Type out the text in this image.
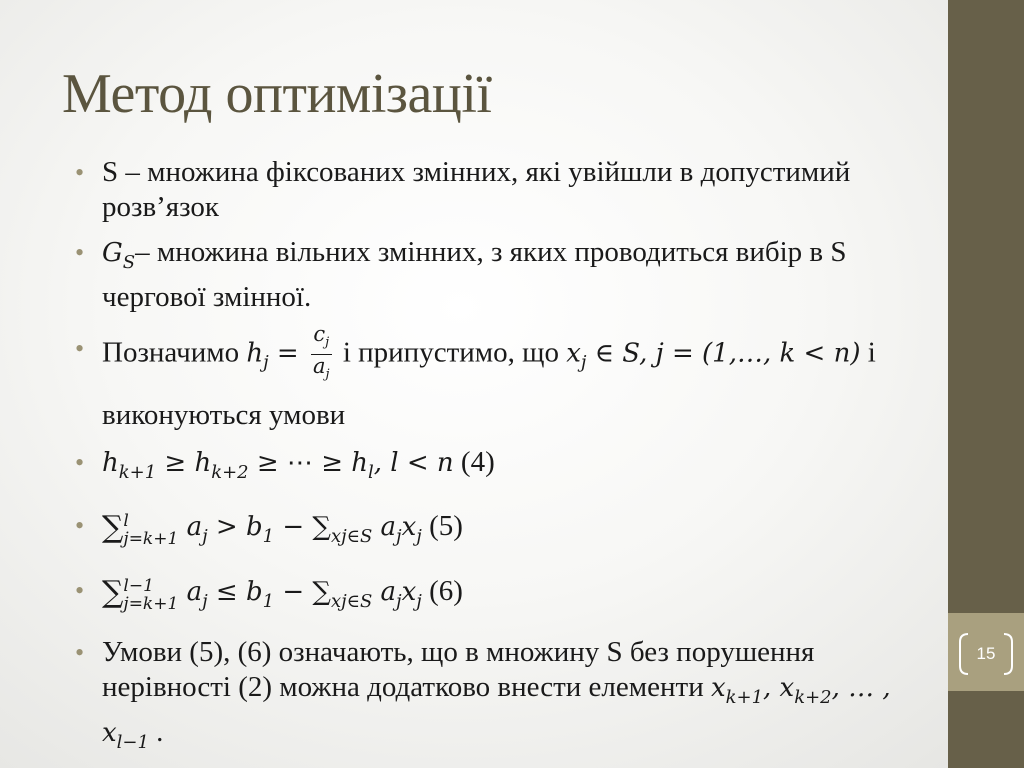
15
Метод оптимізації
• S – множина фіксованих змінних, які увійшли в допустимий розв’язок
• $G_S-$ множина вільних змінних, з яких проводиться вибір в S чергової змінної.
• Позначимо $h_j = \frac{c_j}{a_j}$ і припустимо, що $x_j$ ∈ S, j = (1,…, k < n) і виконуються умови
• $h_{k+1} \ge h_{k+2}$ ≥ ⋯ ≥ $h_l$, l < n (4)
• ∑ l
j=k+1 $a_j > b_1 - \sum_{xj\in S}$ $a_jx_j$ (5)
• ∑ l−1
j=k+1 $a_j \le b_1 - \sum_{xj\in S}$ $a_jx_j$ (6)
• Умови (5), (6) означають, що в множину S без порушення нерівності (2) можна додатково внести елементи $x_{k+1}$, $x_{k+2}$, … , $x_{l-1}$ .
